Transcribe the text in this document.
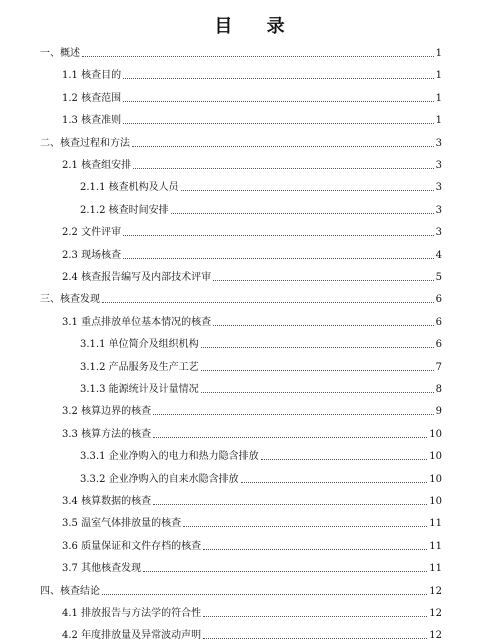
目 录
一、概述	1
1.1 核查目的	1
1.2 核查范围	1
1.3 核查准则	1
二、核查过程和方法	3
2.1 核查组安排	3
2.1.1 核查机构及人员	3
2.1.2 核查时间安排	3
2.2 文件评审	3
2.3 现场核查	4
2.4 核查报告编写及内部技术评审	5
三、核查发现	6
3.1 重点排放单位基本情况的核查	6
3.1.1 单位简介及组织机构	6
3.1.2 产品服务及生产工艺	7
3.1.3 能源统计及计量情况	8
3.2 核算边界的核查	9
3.3 核算方法的核查	10
3.3.1 企业净购入的电力和热力隐含排放	10
3.3.2 企业净购入的自来水隐含排放	10
3.4 核算数据的核查	10
3.5 温室气体排放量的核查	11
3.6 质量保证和文件存档的核查	11
3.7 其他核查发现	11
四、核查结论	12
4.1 排放报告与方法学的符合性	12
4.2 年度排放量及异常波动声明	12
